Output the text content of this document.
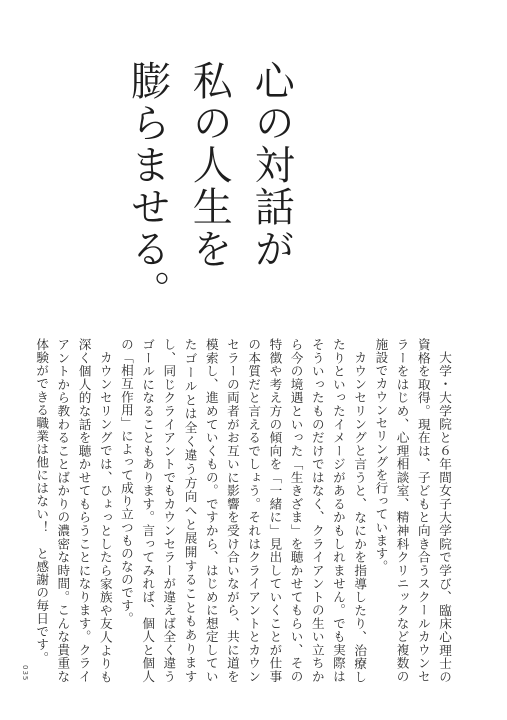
心の対話が
私の人生を
膨らませる。

大学・大学院と６年間女子大学院で学び、臨床心理士の資格を取得。現在は、子どもと向き合うスクールカウンセラーをはじめ、心理相談室、精神科クリニックなど複数の施設でカウンセリングを行っています。

カウンセリングと言うと、なにかを指導したり、治療したりといったイメージがあるかもしれません。でも実際はそういったものだけではなく、クライアントの生い立ちから今の境遇といった「生きざま」を聴かせてもらい、その特徴や考え方の傾向を「一緒に」見出していくことが仕事の本質だと言えるでしょう。それはクライアントとカウンセラーの両者がお互いに影響を受け合いながら、共に道を模索し、進めていくもの。ですから、はじめに想定していたゴールとは全く違う方向へと展開することもありますし、同じクライアントでもカウンセラーが違えば全く違うゴールになることもあります。言ってみれば、個人と個人の「相互作用」によって成り立つものなのです。

カウンセリングでは、ひょっとしたら家族や友人よりも深く個人的な話を聴かせてもらうことになります。クライアントから教わることばかりの濃密な時間。こんな貴重な体験ができる職業は他にはない！　と感謝の毎日です。

035
